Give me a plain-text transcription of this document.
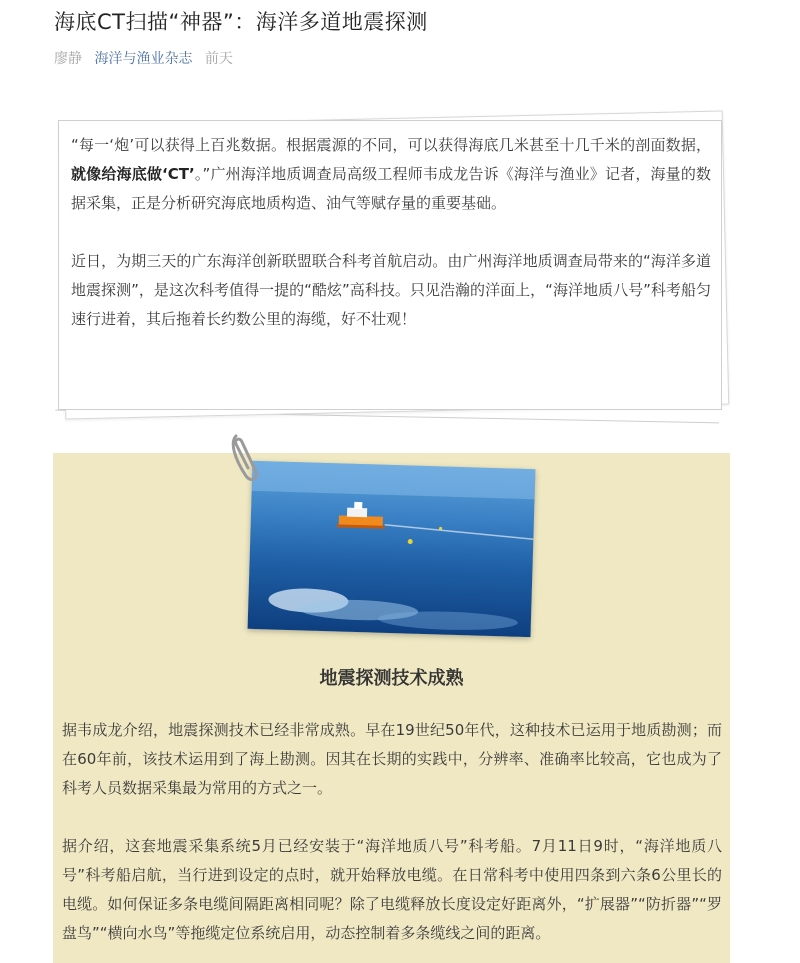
海底CT扫描“神器”：海洋多道地震探测
廖静 海洋与渔业杂志 前天

“每一‘炮’可以获得上百兆数据。根据震源的不同，可以获得海底几米甚至十几千米的剖面数据，就像给海底做‘CT’。”广州海洋地质调查局高级工程师韦成龙告诉《海洋与渔业》记者，海量的数据采集，正是分析研究海底地质构造、油气等赋存量的重要基础。

近日，为期三天的广东海洋创新联盟联合科考首航启动。由广州海洋地质调查局带来的“海洋多道地震探测”，是这次科考值得一提的“酷炫”高科技。只见浩瀚的洋面上，“海洋地质八号”科考船匀速行进着，其后拖着长约数公里的海缆，好不壮观！

地震探测技术成熟

据韦成龙介绍，地震探测技术已经非常成熟。早在19世纪50年代，这种技术已运用于地质勘测；而在60年前，该技术运用到了海上勘测。因其在长期的实践中，分辨率、准确率比较高，它也成为了科考人员数据采集最为常用的方式之一。

据介绍，这套地震采集系统5月已经安装于“海洋地质八号”科考船。7月11日9时，“海洋地质八号”科考船启航，当行进到设定的点时，就开始释放电缆。在日常科考中使用四条到六条6公里长的电缆。如何保证多条电缆间隔距离相同呢？除了电缆释放长度设定好距离外，“扩展器”“防折器”“罗盘鸟”“横向水鸟”等拖缆定位系统启用，动态控制着多条缆线之间的距离。
